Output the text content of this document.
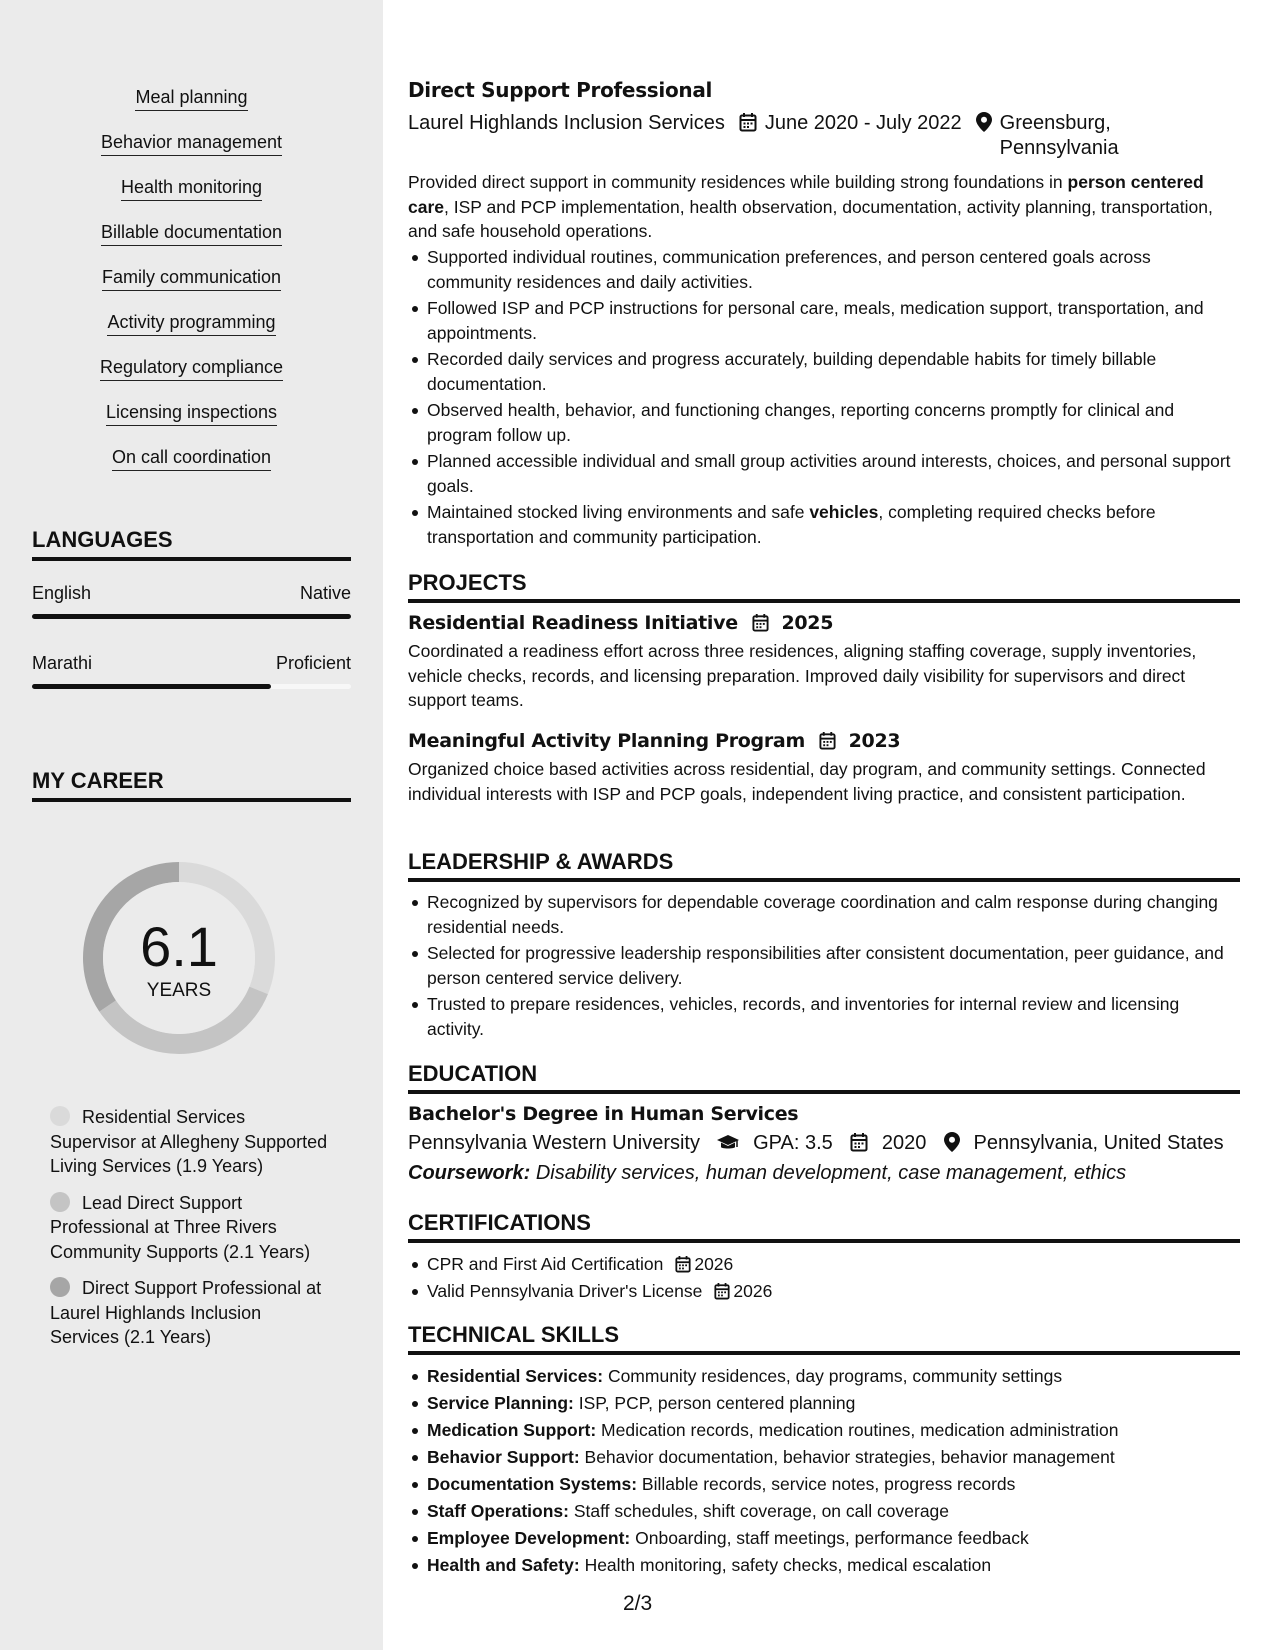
Meal planning
Behavior management
Health monitoring
Billable documentation
Family communication
Activity programming
Regulatory compliance
Licensing inspections
On call coordination
LANGUAGES
English	Native
Marathi	Proficient
MY CAREER
6.1
YEARS
Residential Services Supervisor at Allegheny Supported Living Services (1.9 Years)
Lead Direct Support Professional at Three Rivers Community Supports (2.1 Years)
Direct Support Professional at Laurel Highlands Inclusion Services (2.1 Years)
Direct Support Professional
Laurel Highlands Inclusion Services June 2020 - July 2022 Greensburg,
Pennsylvania
Provided direct support in community residences while building strong foundations in person centered care, ISP and PCP implementation, health observation, documentation, activity planning, transportation, and safe household operations.
Supported individual routines, communication preferences, and person centered goals across community residences and daily activities.
Followed ISP and PCP instructions for personal care, meals, medication support, transportation, and appointments.
Recorded daily services and progress accurately, building dependable habits for timely billable documentation.
Observed health, behavior, and functioning changes, reporting concerns promptly for clinical and program follow up.
Planned accessible individual and small group activities around interests, choices, and personal support goals.
Maintained stocked living environments and safe vehicles, completing required checks before transportation and community participation.
PROJECTS
Residential Readiness Initiative 2025
Coordinated a readiness effort across three residences, aligning staffing coverage, supply inventories, vehicle checks, records, and licensing preparation. Improved daily visibility for supervisors and direct support teams.
Meaningful Activity Planning Program 2023
Organized choice based activities across residential, day program, and community settings. Connected individual interests with ISP and PCP goals, independent living practice, and consistent participation.
LEADERSHIP & AWARDS
Recognized by supervisors for dependable coverage coordination and calm response during changing residential needs.
Selected for progressive leadership responsibilities after consistent documentation, peer guidance, and person centered service delivery.
Trusted to prepare residences, vehicles, records, and inventories for internal review and licensing activity.
EDUCATION
Bachelor's Degree in Human Services
Pennsylvania Western University	GPA: 3.5 2020 Pennsylvania, United States
Coursework: Disability services, human development, case management, ethics
CERTIFICATIONS
CPR and First Aid Certification 2026
Valid Pennsylvania Driver's License 2026
TECHNICAL SKILLS
Residential Services: Community residences, day programs, community settings
Service Planning: ISP, PCP, person centered planning
Medication Support: Medication records, medication routines, medication administration
Behavior Support: Behavior documentation, behavior strategies, behavior management
Documentation Systems: Billable records, service notes, progress records
Staff Operations: Staff schedules, shift coverage, on call coverage
Employee Development: Onboarding, staff meetings, performance feedback
Health and Safety: Health monitoring, safety checks, medical escalation
2/3
